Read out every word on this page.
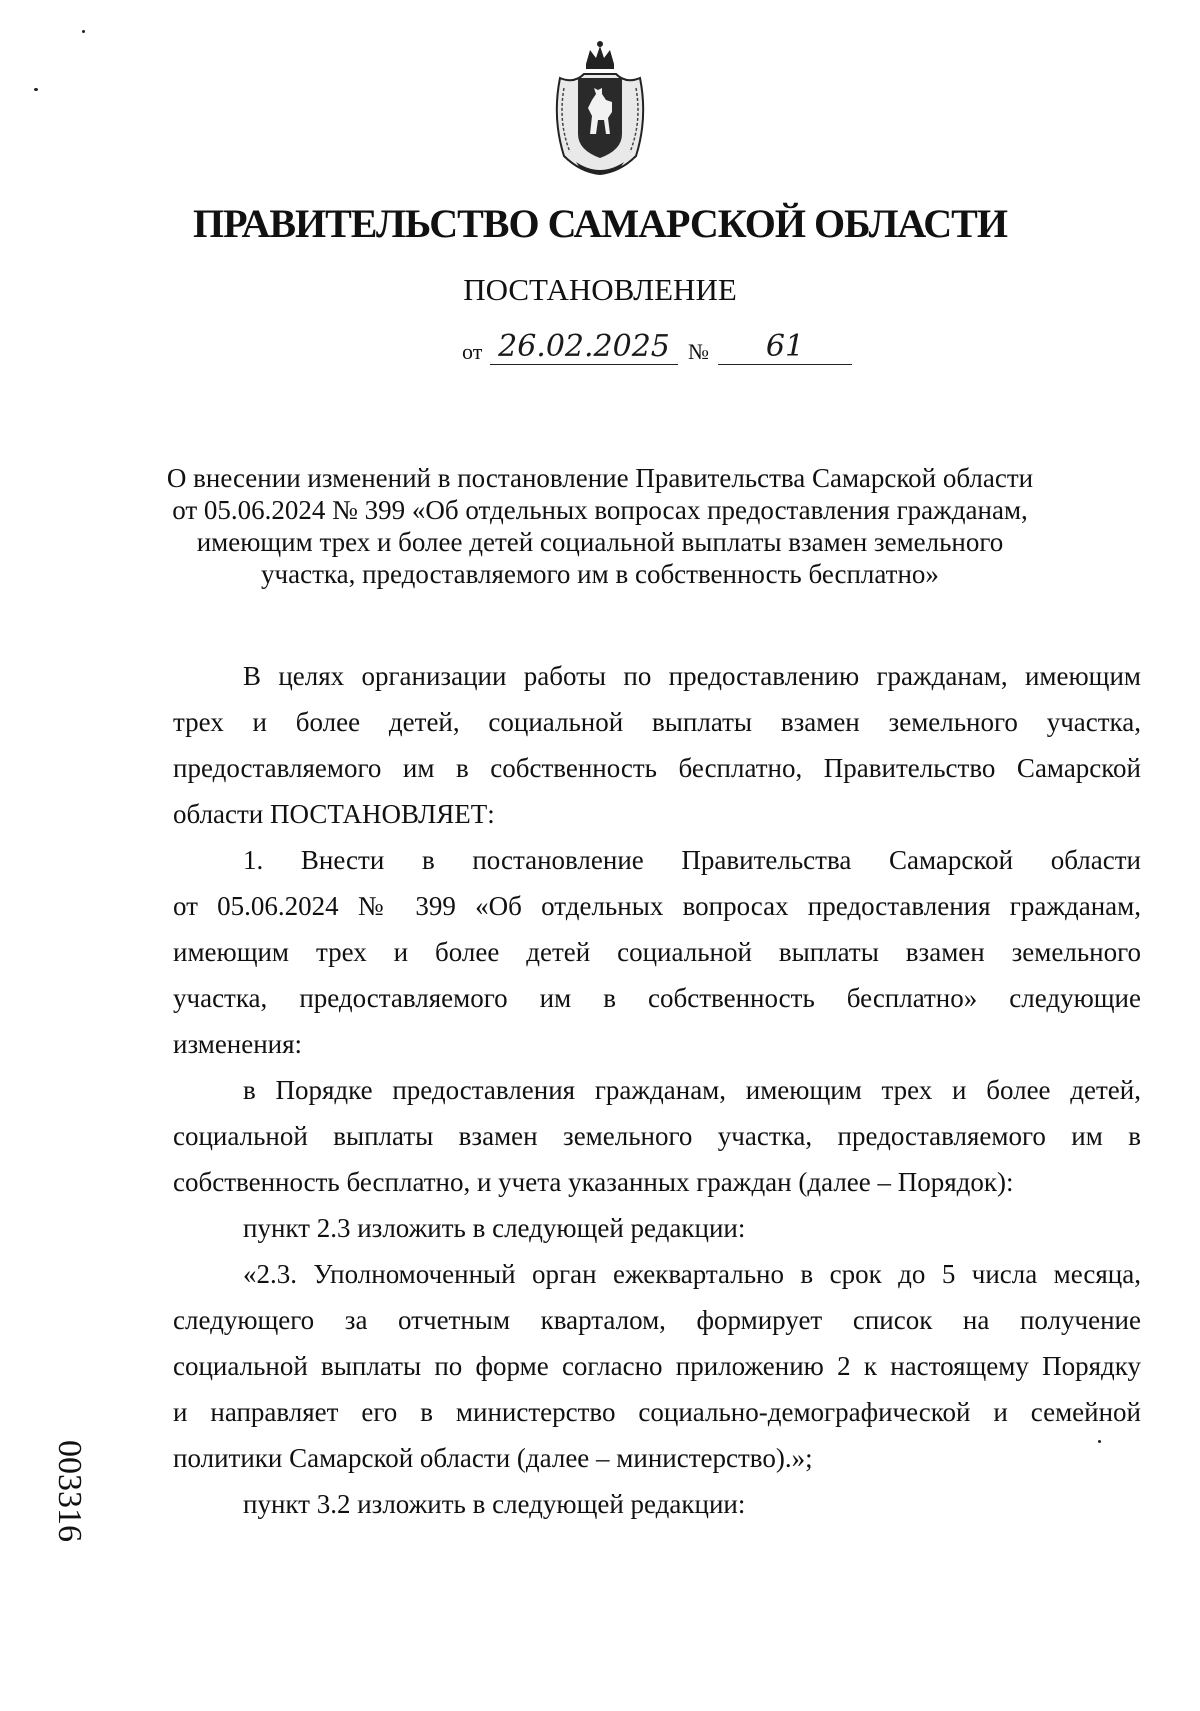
ПРАВИТЕЛЬСТВО САМАРСКОЙ ОБЛАСТИ
ПОСТАНОВЛЕНИЕ
от 26.02.2025 №	61
О внесении изменений в постановление Правительства Самарской области
от 05.06.2024 № 399 «Об отдельных вопросах предоставления гражданам,
имеющим трех и более детей социальной выплаты взамен земельного
участка, предоставляемого им в собственность бесплатно»
В целях организации работы по предоставлению гражданам, имеющим
трех и более детей, социальной выплаты взамен земельного участка,
предоставляемого им в собственность бесплатно, Правительство Самарской
области ПОСТАНОВЛЯЕТ:
1. Внести в постановление Правительства Самарской области
от 05.06.2024 № 399 «Об отдельных вопросах предоставления гражданам,
имеющим трех и более детей социальной выплаты взамен земельного
участка, предоставляемого им в собственность бесплатно» следующие
изменения:
в Порядке предоставления гражданам, имеющим трех и более детей,
социальной выплаты взамен земельного участка, предоставляемого им в
собственность бесплатно, и учета указанных граждан (далее – Порядок):
пункт 2.3 изложить в следующей редакции:
«2.3. Уполномоченный орган ежеквартально в срок до 5 числа месяца,
следующего за отчетным кварталом, формирует список на получение
социальной выплаты по форме согласно приложению 2 к настоящему Порядку
и направляет его в министерство социально-демографической и семейной
политики Самарской области (далее – министерство).»;
пункт 3.2 изложить в следующей редакции:
003316
